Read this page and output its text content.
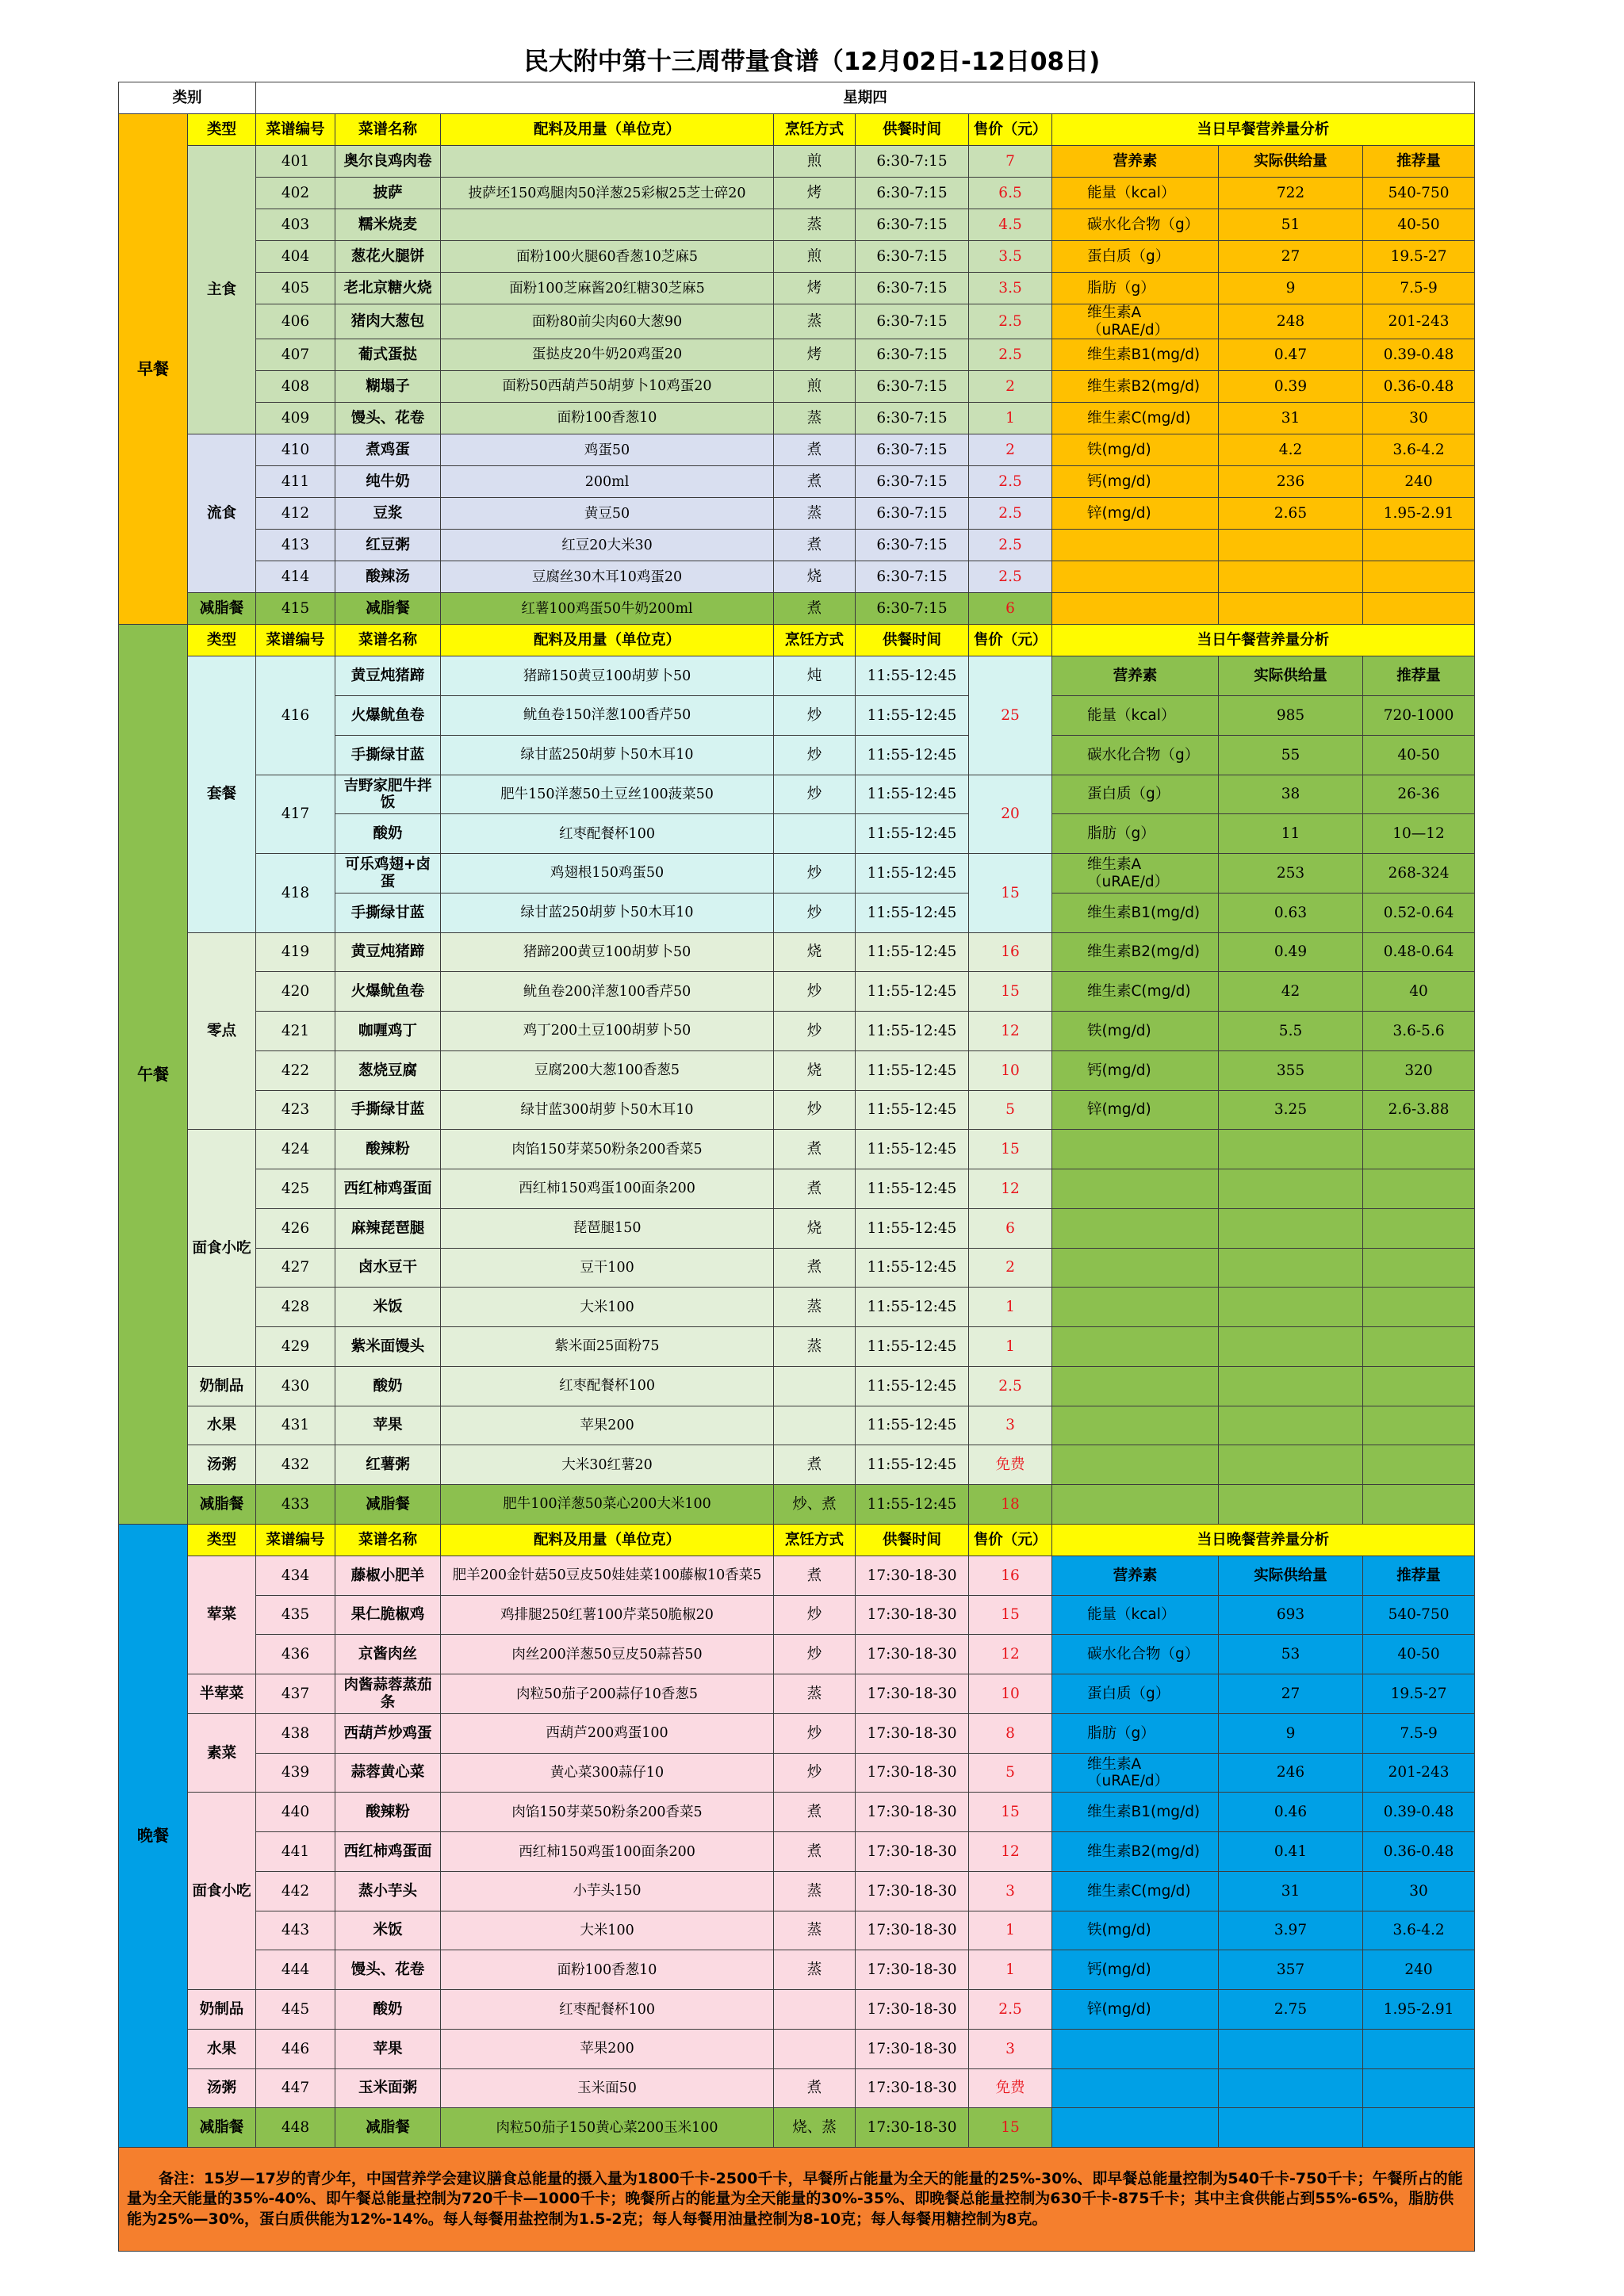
民大附中第十三周带量食谱（12月02日-12日08日)
类别		星期四								
早餐	类型	菜谱编号	菜谱名称	配料及用量（单位克）	烹饪方式	供餐时间	售价（元）	当日早餐营养量分析		
	主食	401	奥尔良鸡肉卷		煎	6:30-7:15	7	营养素	实际供给量	推荐量
		402	披萨	披萨坯150鸡腿肉50洋葱25彩椒25芝士碎20	烤	6:30-7:15	6.5	能量（kcal）	722	540-750
		403	糯米烧麦		蒸	6:30-7:15	4.5	碳水化合物（g）	51	40-50
		404	葱花火腿饼	面粉100火腿60香葱10芝麻5	煎	6:30-7:15	3.5	蛋白质（g）	27	19.5-27
		405	老北京糖火烧	面粉100芝麻酱20红糖30芝麻5	烤	6:30-7:15	3.5	脂肪（g）	9	7.5-9
		406	猪肉大葱包	面粉80前尖肉60大葱90	蒸	6:30-7:15	2.5	维生素A（uRAE/d）	248	201-243
		407	葡式蛋挞	蛋挞皮20牛奶20鸡蛋20	烤	6:30-7:15	2.5	维生素B1(mg/d)	0.47	0.39-0.48
		408	糊塌子	面粉50西葫芦50胡萝卜10鸡蛋20	煎	6:30-7:15	2	维生素B2(mg/d)	0.39	0.36-0.48
		409	馒头、花卷	面粉100香葱10	蒸	6:30-7:15	1	维生素C(mg/d)	31	30
	流食	410	煮鸡蛋	鸡蛋50	煮	6:30-7:15	2	铁(mg/d)	4.2	3.6-4.2
		411	纯牛奶	200ml	煮	6:30-7:15	2.5	钙(mg/d)	236	240
		412	豆浆	黄豆50	蒸	6:30-7:15	2.5	锌(mg/d)	2.65	1.95-2.91
		413	红豆粥	红豆20大米30	煮	6:30-7:15	2.5			
		414	酸辣汤	豆腐丝30木耳10鸡蛋20	烧	6:30-7:15	2.5			
	减脂餐	415	减脂餐	红薯100鸡蛋50牛奶200ml	煮	6:30-7:15	6			
午餐	类型	菜谱编号	菜谱名称	配料及用量（单位克）	烹饪方式	供餐时间	售价（元）	当日午餐营养量分析		
	套餐	416	黄豆炖猪蹄	猪蹄150黄豆100胡萝卜50	炖	11:55-12:45	25	营养素	实际供给量	推荐量
			火爆鱿鱼卷	鱿鱼卷150洋葱100香芹50	炒	11:55-12:45		能量（kcal）	985	720-1000
			手撕绿甘蓝	绿甘蓝250胡萝卜50木耳10	炒	11:55-12:45		碳水化合物（g）	55	40-50
		417	吉野家肥牛拌饭	肥牛150洋葱50土豆丝100菠菜50	炒	11:55-12:45	20	蛋白质（g）	38	26-36
			酸奶	红枣配餐杯100		11:55-12:45		脂肪（g）	11	10—12
		418	可乐鸡翅+卤蛋	鸡翅根150鸡蛋50	炒	11:55-12:45	15	维生素A（uRAE/d）	253	268-324
			手撕绿甘蓝	绿甘蓝250胡萝卜50木耳10	炒	11:55-12:45		维生素B1(mg/d)	0.63	0.52-0.64
	零点	419	黄豆炖猪蹄	猪蹄200黄豆100胡萝卜50	烧	11:55-12:45	16	维生素B2(mg/d)	0.49	0.48-0.64
		420	火爆鱿鱼卷	鱿鱼卷200洋葱100香芹50	炒	11:55-12:45	15	维生素C(mg/d)	42	40
		421	咖喱鸡丁	鸡丁200土豆100胡萝卜50	炒	11:55-12:45	12	铁(mg/d)	5.5	3.6-5.6
		422	葱烧豆腐	豆腐200大葱100香葱5	烧	11:55-12:45	10	钙(mg/d)	355	320
		423	手撕绿甘蓝	绿甘蓝300胡萝卜50木耳10	炒	11:55-12:45	5	锌(mg/d)	3.25	2.6-3.88
	面食小吃	424	酸辣粉	肉馅150芽菜50粉条200香菜5	煮	11:55-12:45	15			
		425	西红柿鸡蛋面	西红柿150鸡蛋100面条200	煮	11:55-12:45	12			
		426	麻辣琵琶腿	琵琶腿150	烧	11:55-12:45	6			
		427	卤水豆干	豆干100	煮	11:55-12:45	2			
		428	米饭	大米100	蒸	11:55-12:45	1			
		429	紫米面馒头	紫米面25面粉75	蒸	11:55-12:45	1			
	奶制品	430	酸奶	红枣配餐杯100		11:55-12:45	2.5			
	水果	431	苹果	苹果200		11:55-12:45	3			
	汤粥	432	红薯粥	大米30红薯20	煮	11:55-12:45	免费			
	减脂餐	433	减脂餐	肥牛100洋葱50菜心200大米100	炒、煮	11:55-12:45	18			
晚餐	类型	菜谱编号	菜谱名称	配料及用量（单位克）	烹饪方式	供餐时间	售价（元）	当日晚餐营养量分析		
	荤菜	434	藤椒小肥羊	肥羊200金针菇50豆皮50娃娃菜100藤椒10香菜5	煮	17:30-18-30	16	营养素	实际供给量	推荐量
		435	果仁脆椒鸡	鸡排腿250红薯100芹菜50脆椒20	炒	17:30-18-30	15	能量（kcal）	693	540-750
		436	京酱肉丝	肉丝200洋葱50豆皮50蒜苔50	炒	17:30-18-30	12	碳水化合物（g）	53	40-50
	半荤菜	437	肉酱蒜蓉蒸茄条	肉粒50茄子200蒜仔10香葱5	蒸	17:30-18-30	10	蛋白质（g）	27	19.5-27
	素菜	438	西葫芦炒鸡蛋	西葫芦200鸡蛋100	炒	17:30-18-30	8	脂肪（g）	9	7.5-9
		439	蒜蓉黄心菜	黄心菜300蒜仔10	炒	17:30-18-30	5	维生素A（uRAE/d）	246	201-243
	面食小吃	440	酸辣粉	肉馅150芽菜50粉条200香菜5	煮	17:30-18-30	15	维生素B1(mg/d)	0.46	0.39-0.48
		441	西红柿鸡蛋面	西红柿150鸡蛋100面条200	煮	17:30-18-30	12	维生素B2(mg/d)	0.41	0.36-0.48
		442	蒸小芋头	小芋头150	蒸	17:30-18-30	3	维生素C(mg/d)	31	30
		443	米饭	大米100	蒸	17:30-18-30	1	铁(mg/d)	3.97	3.6-4.2
		444	馒头、花卷	面粉100香葱10	蒸	17:30-18-30	1	钙(mg/d)	357	240
	奶制品	445	酸奶	红枣配餐杯100		17:30-18-30	2.5	锌(mg/d)	2.75	1.95-2.91
	水果	446	苹果	苹果200		17:30-18-30	3			
	汤粥	447	玉米面粥	玉米面50	煮	17:30-18-30	免费			
	减脂餐	448	减脂餐	肉粒50茄子150黄心菜200玉米100	烧、蒸	17:30-18-30	15			
备注：15岁—17岁的青少年，中国营养学会建议膳食总能量的摄入量为1800千卡-2500千卡，早餐所占能量为全天的能量的25%-30%、即早餐总能量控制为540千卡-750千卡；午餐所占的能量为全天能量的35%-40%、即午餐总能量控制为720千卡—1000千卡；晚餐所占的能量为全天能量的30%-35%、即晚餐总能量控制为630千卡-875千卡；其中主食供能占到55%-65%，脂肪供能为25%—30%，蛋白质供能为12%-14%。每人每餐用盐控制为1.5-2克；每人每餐用油量控制为8-10克；每人每餐用糖控制为8克。										
